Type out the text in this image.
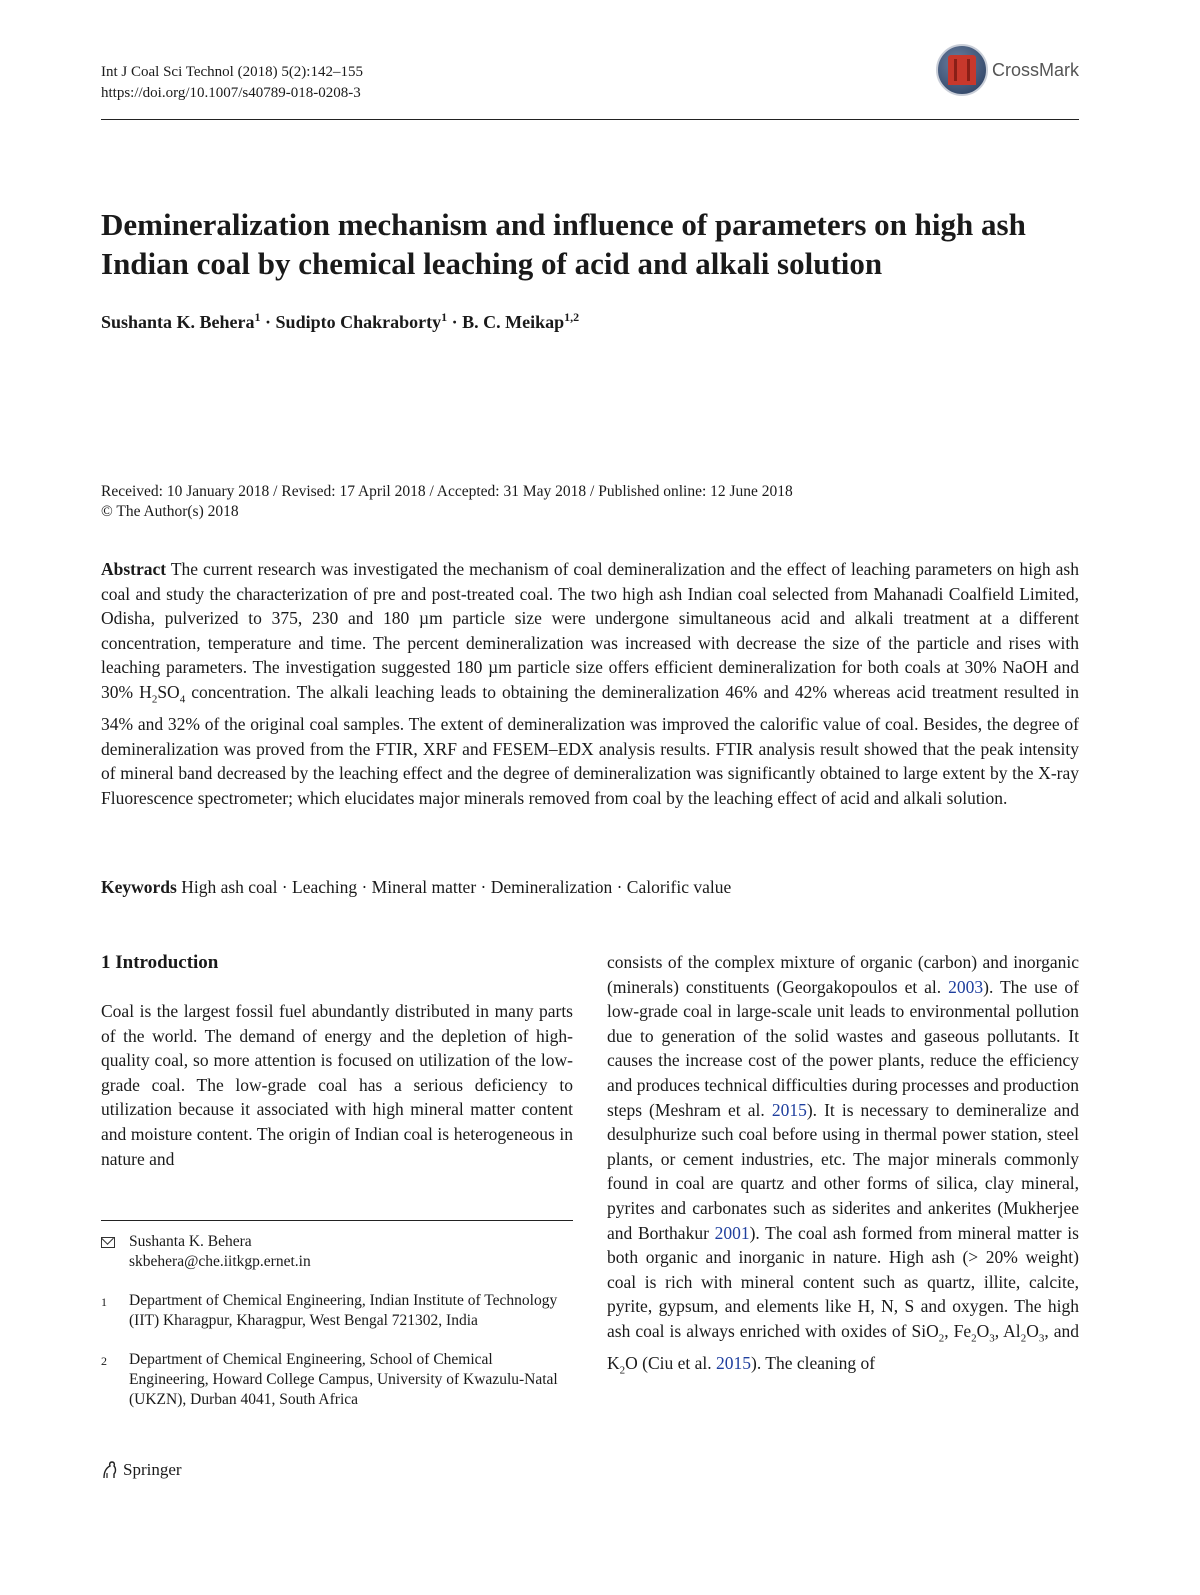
Int J Coal Sci Technol (2018) 5(2):142–155
https://doi.org/10.1007/s40789-018-0208-3
CrossMark
Demineralization mechanism and influence of parameters on high ash Indian coal by chemical leaching of acid and alkali solution
Sushanta K. Behera$^1$ · Sudipto Chakraborty$^1$ · B. C. Meikap$^{1,2}$
Received: 10 January 2018 / Revised: 17 April 2018 / Accepted: 31 May 2018 / Published online: 12 June 2018
© The Author(s) 2018
Abstract The current research was investigated the mechanism of coal demineralization and the effect of leaching parameters on high ash coal and study the characterization of pre and post-treated coal. The two high ash Indian coal selected from Mahanadi Coalfield Limited, Odisha, pulverized to 375, 230 and 180 µm particle size were undergone simultaneous acid and alkali treatment at a different concentration, temperature and time. The percent demineralization was increased with decrease the size of the particle and rises with leaching parameters. The investigation suggested 180 µm particle size offers efficient demineralization for both coals at 30% NaOH and 30% $H_2SO_4$ concentration. The alkali leaching leads to obtaining the demineralization 46% and 42% whereas acid treatment resulted in 34% and 32% of the original coal samples. The extent of demineralization was improved the calorific value of coal. Besides, the degree of demineralization was proved from the FTIR, XRF and FESEM–EDX analysis results. FTIR analysis result showed that the peak intensity of mineral band decreased by the leaching effect and the degree of demineralization was significantly obtained to large extent by the X-ray Fluorescence spectrometer; which elucidates major minerals removed from coal by the leaching effect of acid and alkali solution.
Keywords High ash coal · Leaching · Mineral matter · Demineralization · Calorific value
1 Introduction

Coal is the largest fossil fuel abundantly distributed in many parts of the world. The demand of energy and the depletion of high-quality coal, so more attention is focused on utilization of the low- grade coal. The low-grade coal has a serious deficiency to utilization because it associated with high mineral matter content and moisture content. The origin of Indian coal is heterogeneous in nature and

consists of the complex mixture of organic (carbon) and inorganic (minerals) constituents (Georgakopoulos et al. 2003). The use of low-grade coal in large-scale unit leads to environmental pollution due to generation of the solid wastes and gaseous pollutants. It causes the increase cost of the power plants, reduce the efficiency and produces technical difficulties during processes and production steps (Meshram et al. 2015). It is necessary to demineralize and desulphurize such coal before using in thermal power station, steel plants, or cement industries, etc. The major minerals commonly found in coal are quartz and other forms of silica, clay mineral, pyrites and carbonates such as siderites and ankerites (Mukherjee and Borthakur 2001). The coal ash formed from mineral matter is both organic and inorganic in nature. High ash (> 20% weight) coal is rich with mineral content such as quartz, illite, calcite, pyrite, gypsum, and elements like H, N, S and oxygen. The high ash coal is always enriched with oxides of SiO$_2$, $Fe_2O_3$, $Al_2O_3$, and $K_2O$ (Ciu et al. 2015). The cleaning of
Sushanta K. Behera
skbehera@che.iitkgp.ernet.in
1	Department of Chemical Engineering, Indian Institute of Technology (IIT) Kharagpur, Kharagpur, West Bengal 721302, India
2	Department of Chemical Engineering, School of Chemical Engineering, Howard College Campus, University of Kwazulu-Natal (UKZN), Durban 4041, South Africa
Springer
